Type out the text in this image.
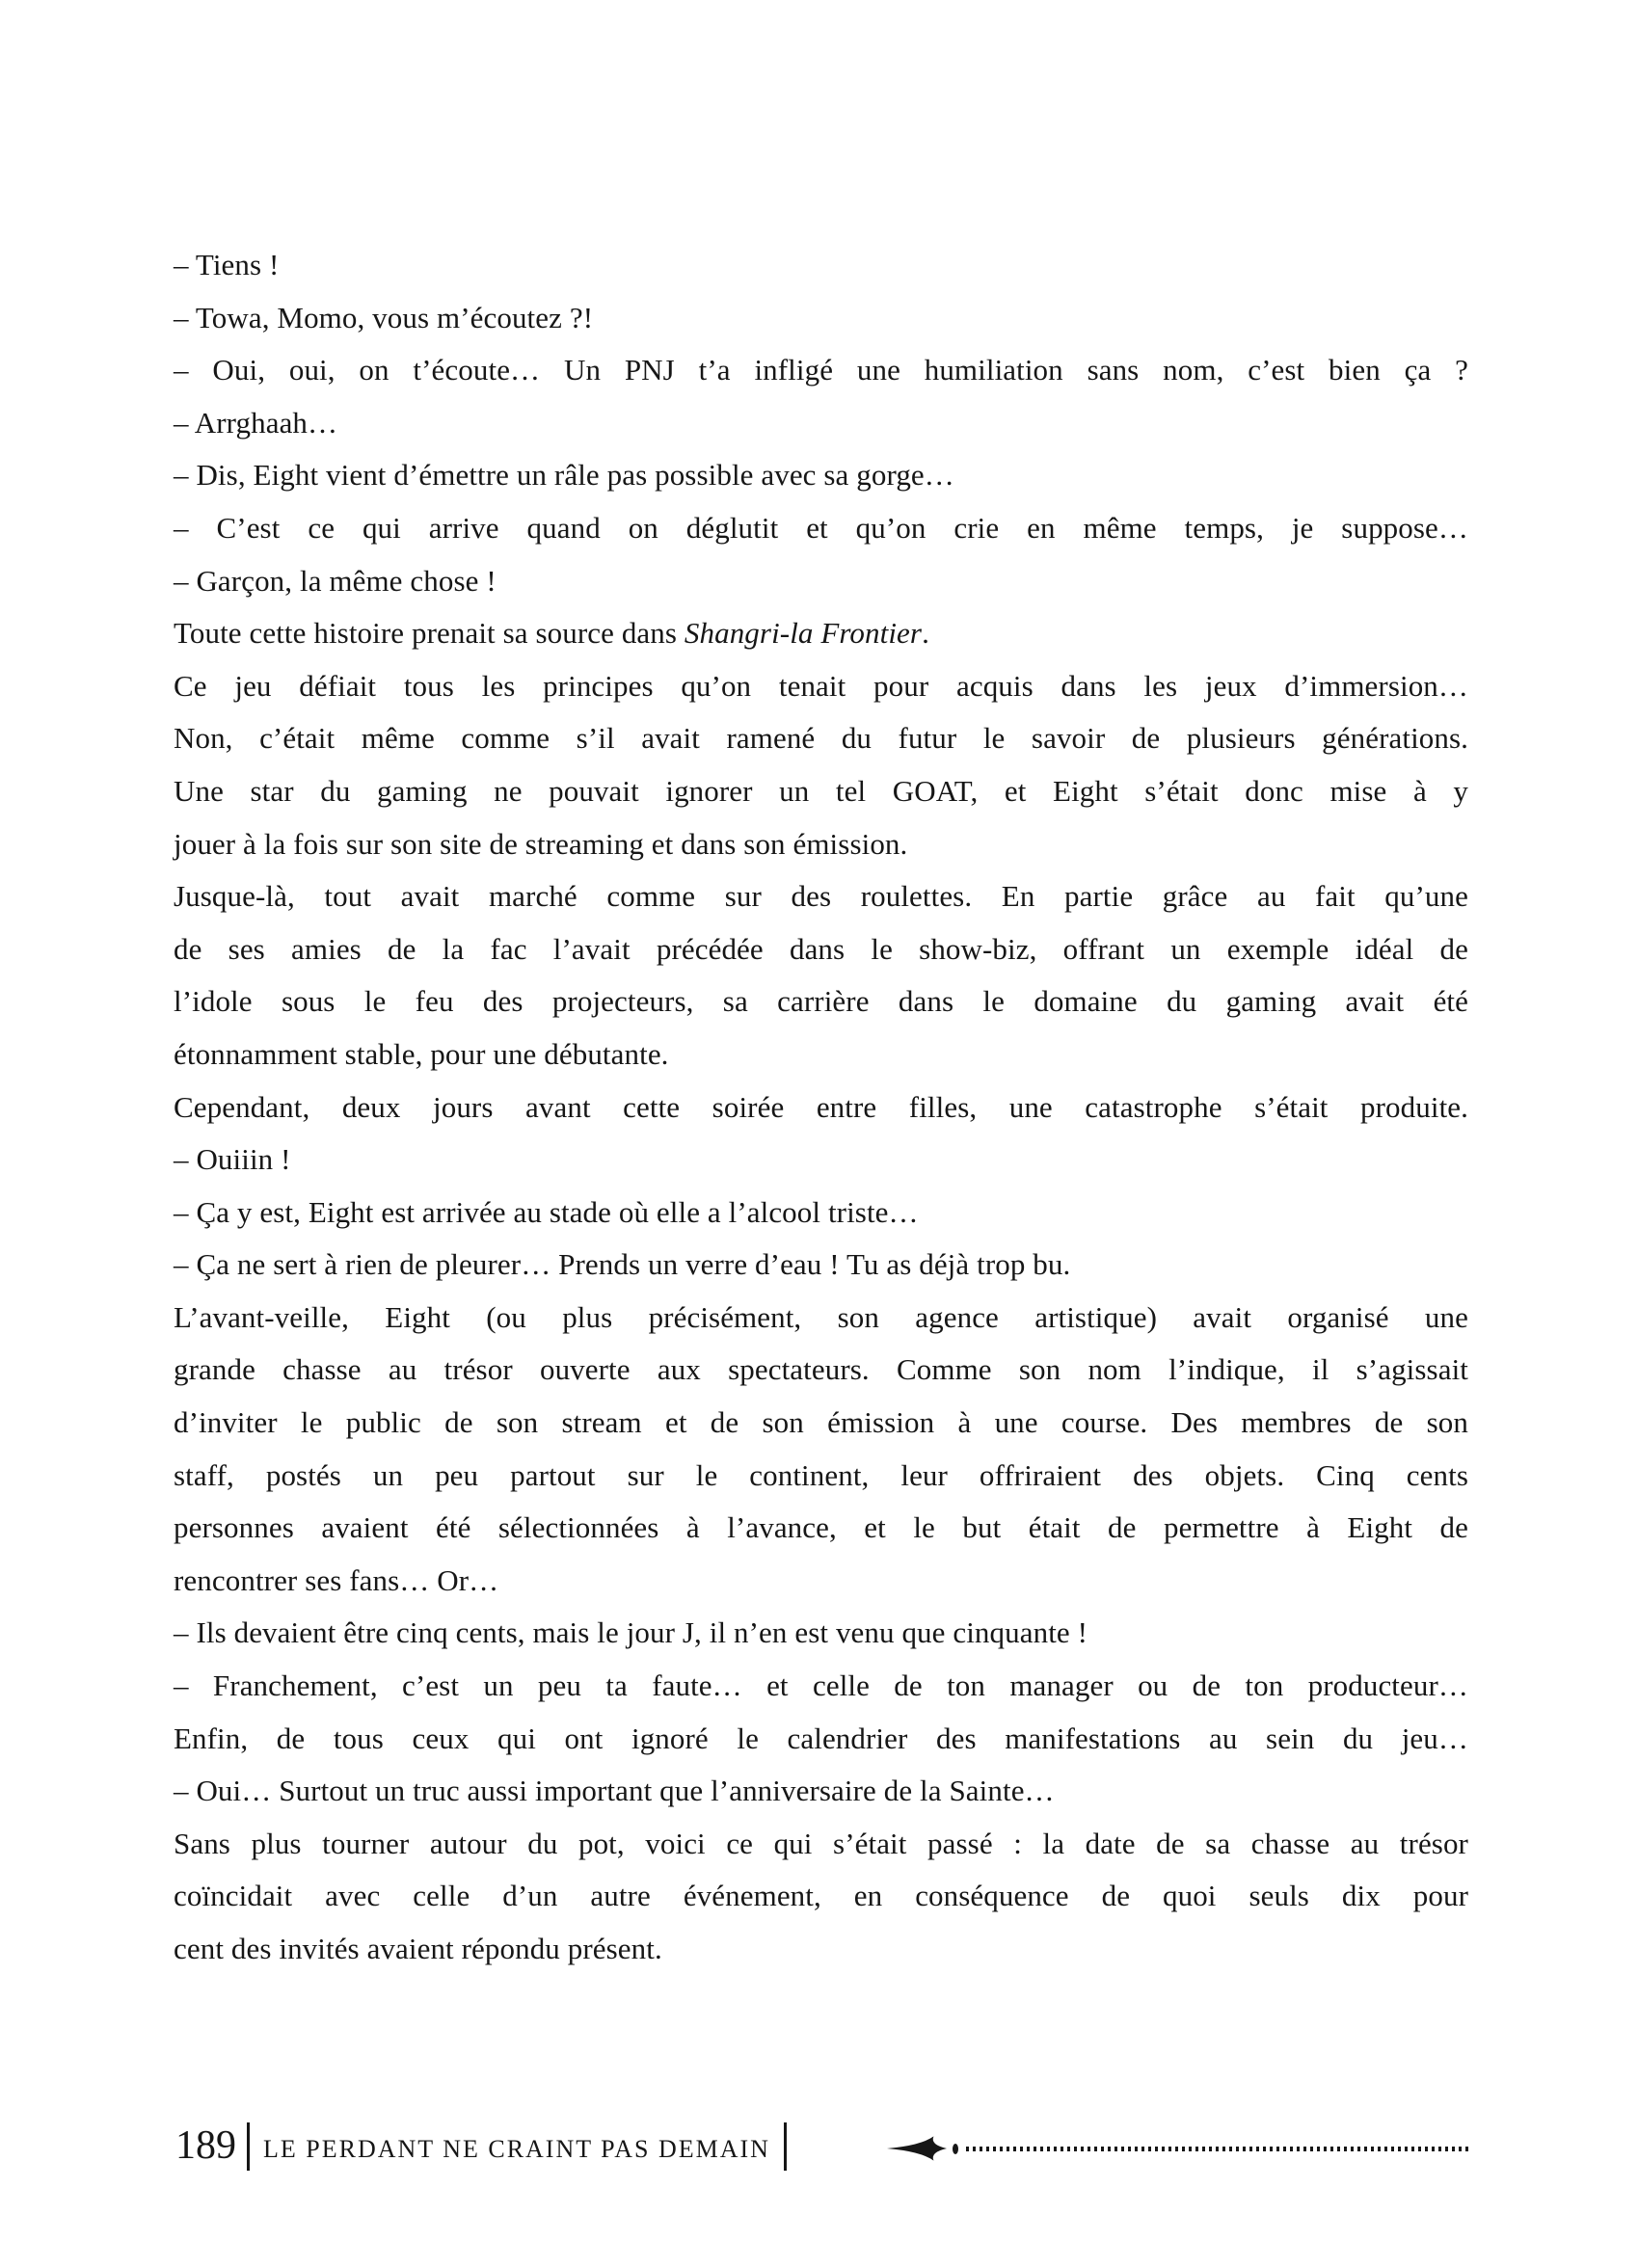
– Tiens !
– Towa, Momo, vous m’écoutez ?!
– Oui, oui, on t’écoute… Un PNJ t’a infligé une humiliation sans nom, c’est bien ça ?
– Arrghaah…
– Dis, Eight vient d’émettre un râle pas possible avec sa gorge…
– C’est ce qui arrive quand on déglutit et qu’on crie en même temps, je suppose…
– Garçon, la même chose !
Toute cette histoire prenait sa source dans Shangri-la Frontier.
Ce jeu défiait tous les principes qu’on tenait pour acquis dans les jeux d’immersion…
Non, c’était même comme s’il avait ramené du futur le savoir de plusieurs générations.
Une star du gaming ne pouvait ignorer un tel GOAT, et Eight s’était donc mise à y
jouer à la fois sur son site de streaming et dans son émission.
Jusque-là, tout avait marché comme sur des roulettes. En partie grâce au fait qu’une
de ses amies de la fac l’avait précédée dans le show-biz, offrant un exemple idéal de
l’idole sous le feu des projecteurs, sa carrière dans le domaine du gaming avait été
étonnamment stable, pour une débutante.
Cependant, deux jours avant cette soirée entre filles, une catastrophe s’était produite.
– Ouiiin !
– Ça y est, Eight est arrivée au stade où elle a l’alcool triste…
– Ça ne sert à rien de pleurer… Prends un verre d’eau ! Tu as déjà trop bu.
L’avant-veille, Eight (ou plus précisément, son agence artistique) avait organisé une
grande chasse au trésor ouverte aux spectateurs. Comme son nom l’indique, il s’agissait
d’inviter le public de son stream et de son émission à une course. Des membres de son
staff, postés un peu partout sur le continent, leur offriraient des objets. Cinq cents
personnes avaient été sélectionnées à l’avance, et le but était de permettre à Eight de
rencontrer ses fans… Or…
– Ils devaient être cinq cents, mais le jour J, il n’en est venu que cinquante !
– Franchement, c’est un peu ta faute… et celle de ton manager ou de ton producteur…
Enfin, de tous ceux qui ont ignoré le calendrier des manifestations au sein du jeu…
– Oui… Surtout un truc aussi important que l’anniversaire de la Sainte…
Sans plus tourner autour du pot, voici ce qui s’était passé : la date de sa chasse au trésor
coïncidait avec celle d’un autre événement, en conséquence de quoi seuls dix pour
cent des invités avaient répondu présent.
189 LE PERDANT NE CRAINT PAS DEMAIN
